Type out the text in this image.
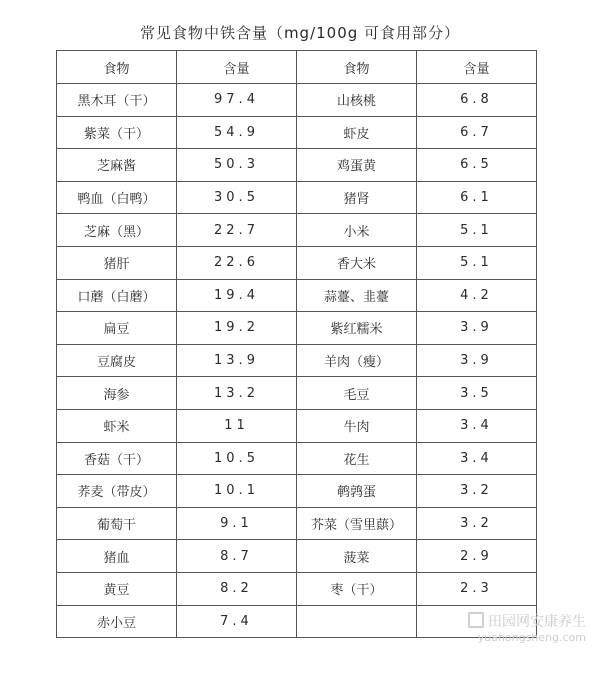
常见食物中铁含量（mg/100g 可食用部分）
食物	含量	食物	含量
黑木耳（干）	97.4	山核桃	6.8
紫菜（干）	54.9	虾皮	6.7
芝麻酱	50.3	鸡蛋黄	6.5
鸭血（白鸭）	30.5	猪肾	6.1
芝麻（黑）	22.7	小米	5.1
猪肝	22.6	香大米	5.1
口蘑（白蘑）	19.4	蒜薹、韭薹	4.2
扁豆	19.2	紫红糯米	3.9
豆腐皮	13.9	羊肉（瘦）	3.9
海参	13.2	毛豆	3.5
虾米	11	牛肉	3.4
香菇（干）	10.5	花生	3.4
荞麦（带皮）	10.1	鹌鹑蛋	3.2
葡萄干	9.1	芥菜（雪里蕻）	3.2
猪血	8.7	菠菜	2.9
黄豆	8.2	枣（干）	2.3
赤小豆	7.4			田园网安康养生
yuanongsheng.com
